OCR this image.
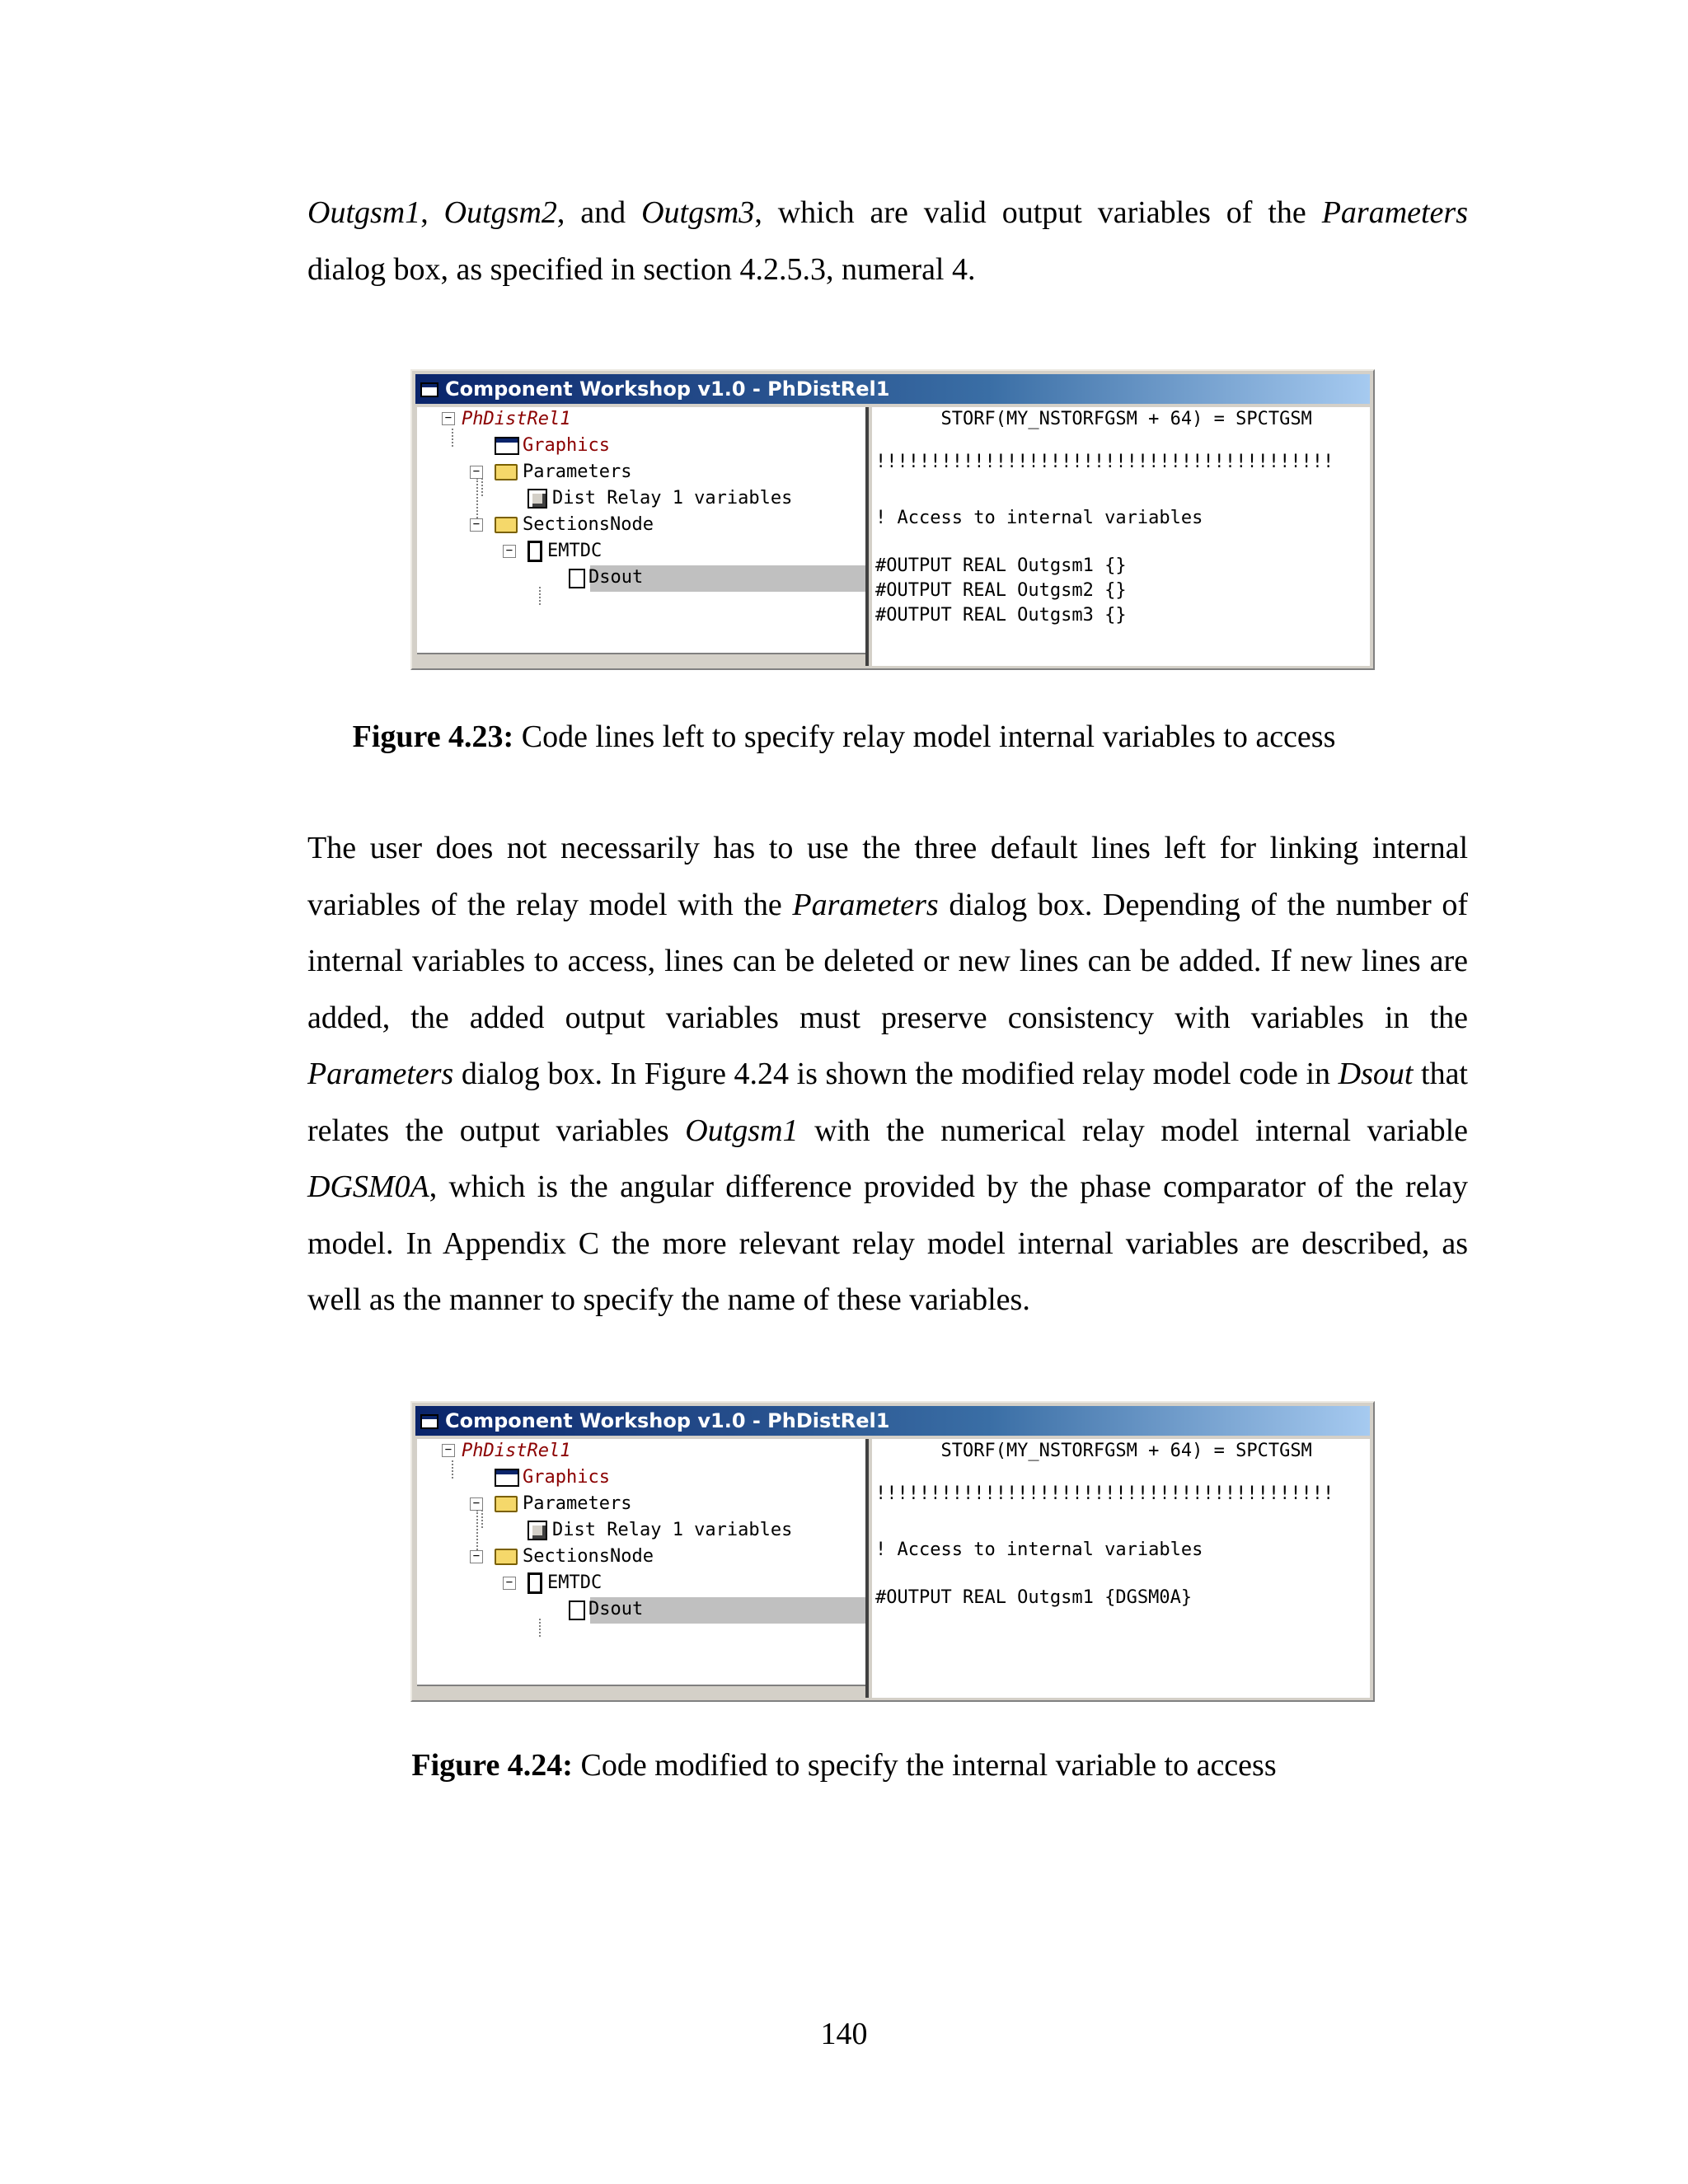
Outgsm1, Outgsm2, and Outgsm3, which are valid output variables of the Parameters dialog box, as specified in section 4.2.5.3, numeral 4.

Component Workshop v1.0 - PhDistRel1

−

PhDistRel1

Graphics

−

Parameters

Dist Relay 1 variables

−

SectionsNode

−

EMTDC

Dsout

STORF(MY_NSTORFGSM + 64) = SPCTGSM

!!!!!!!!!!!!!!!!!!!!!!!!!!!!!!!!!!!!!!!!!!

! Access to internal variables

#OUTPUT REAL Outgsm1 {}

#OUTPUT REAL Outgsm2 {}

#OUTPUT REAL Outgsm3 {}

Figure 4.23: Code lines left to specify relay model internal variables to access

The user does not necessarily has to use the three default lines left for linking internal variables of the relay model with the Parameters dialog box. Depending of the number of internal variables to access, lines can be deleted or new lines can be added. If new lines are added, the added output variables must preserve consistency with variables in the Parameters dialog box. In Figure 4.24 is shown the modified relay model code in Dsout that relates the output variables Outgsm1 with the numerical relay model internal variable DGSM0A, which is the angular difference provided by the phase comparator of the relay model. In Appendix C the more relevant relay model internal variables are described, as well as the manner to specify the name of these variables.

Component Workshop v1.0 - PhDistRel1

−

PhDistRel1

Graphics

−

Parameters

Dist Relay 1 variables

−

SectionsNode

−

EMTDC

Dsout

STORF(MY_NSTORFGSM + 64) = SPCTGSM

!!!!!!!!!!!!!!!!!!!!!!!!!!!!!!!!!!!!!!!!!!

! Access to internal variables

#OUTPUT REAL Outgsm1 {DGSM0A}

Figure 4.24: Code modified to specify the internal variable to access

140
